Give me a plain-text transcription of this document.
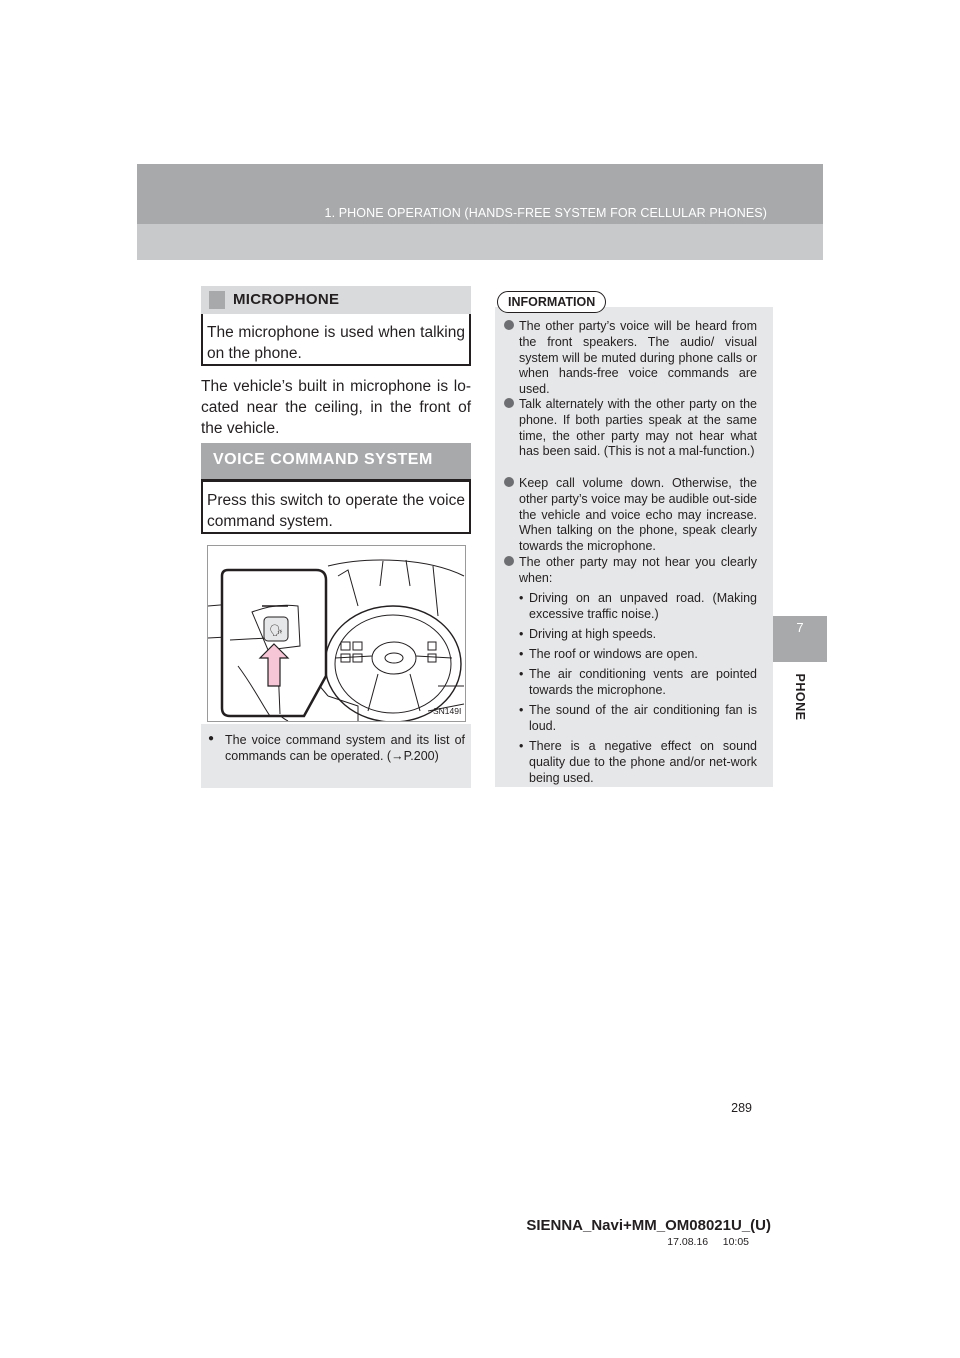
1. PHONE OPERATION (HANDS-FREE SYSTEM FOR CELLULAR PHONES)
7
PHONE
MICROPHONE
The microphone is used when talking on the phone.
The vehicle’s built in microphone is lo-cated near the ceiling, in the front of the vehicle.
VOICE COMMAND SYSTEM
Press this switch to operate the voice command system.
🗣
SN149I
● The voice command system and its list of commands can be operated. (→P.200)
INFORMATION
The other party’s voice will be heard from the front speakers. The audio/ visual system will be muted during phone calls or when hands-free voice commands are used.
Talk alternately with the other party on the phone. If both parties speak at the same time, the other party may not hear what has been said. (This is not a mal-function.)
Keep call volume down. Otherwise, the other party’s voice may be audible out-side the vehicle and voice echo may increase. When talking on the phone, speak clearly towards the microphone.
The other party may not hear you clearly when:
• Driving on an unpaved road. (Making excessive traffic noise.)
• Driving at high speeds.
• The roof or windows are open.
• The air conditioning vents are pointed towards the microphone.
• The sound of the air conditioning fan is loud.
• There is a negative effect on sound quality due to the phone and/or net-work being used.
289
SIENNA_Navi+MM_OM08021U_(U)
17.08.16     10:05
